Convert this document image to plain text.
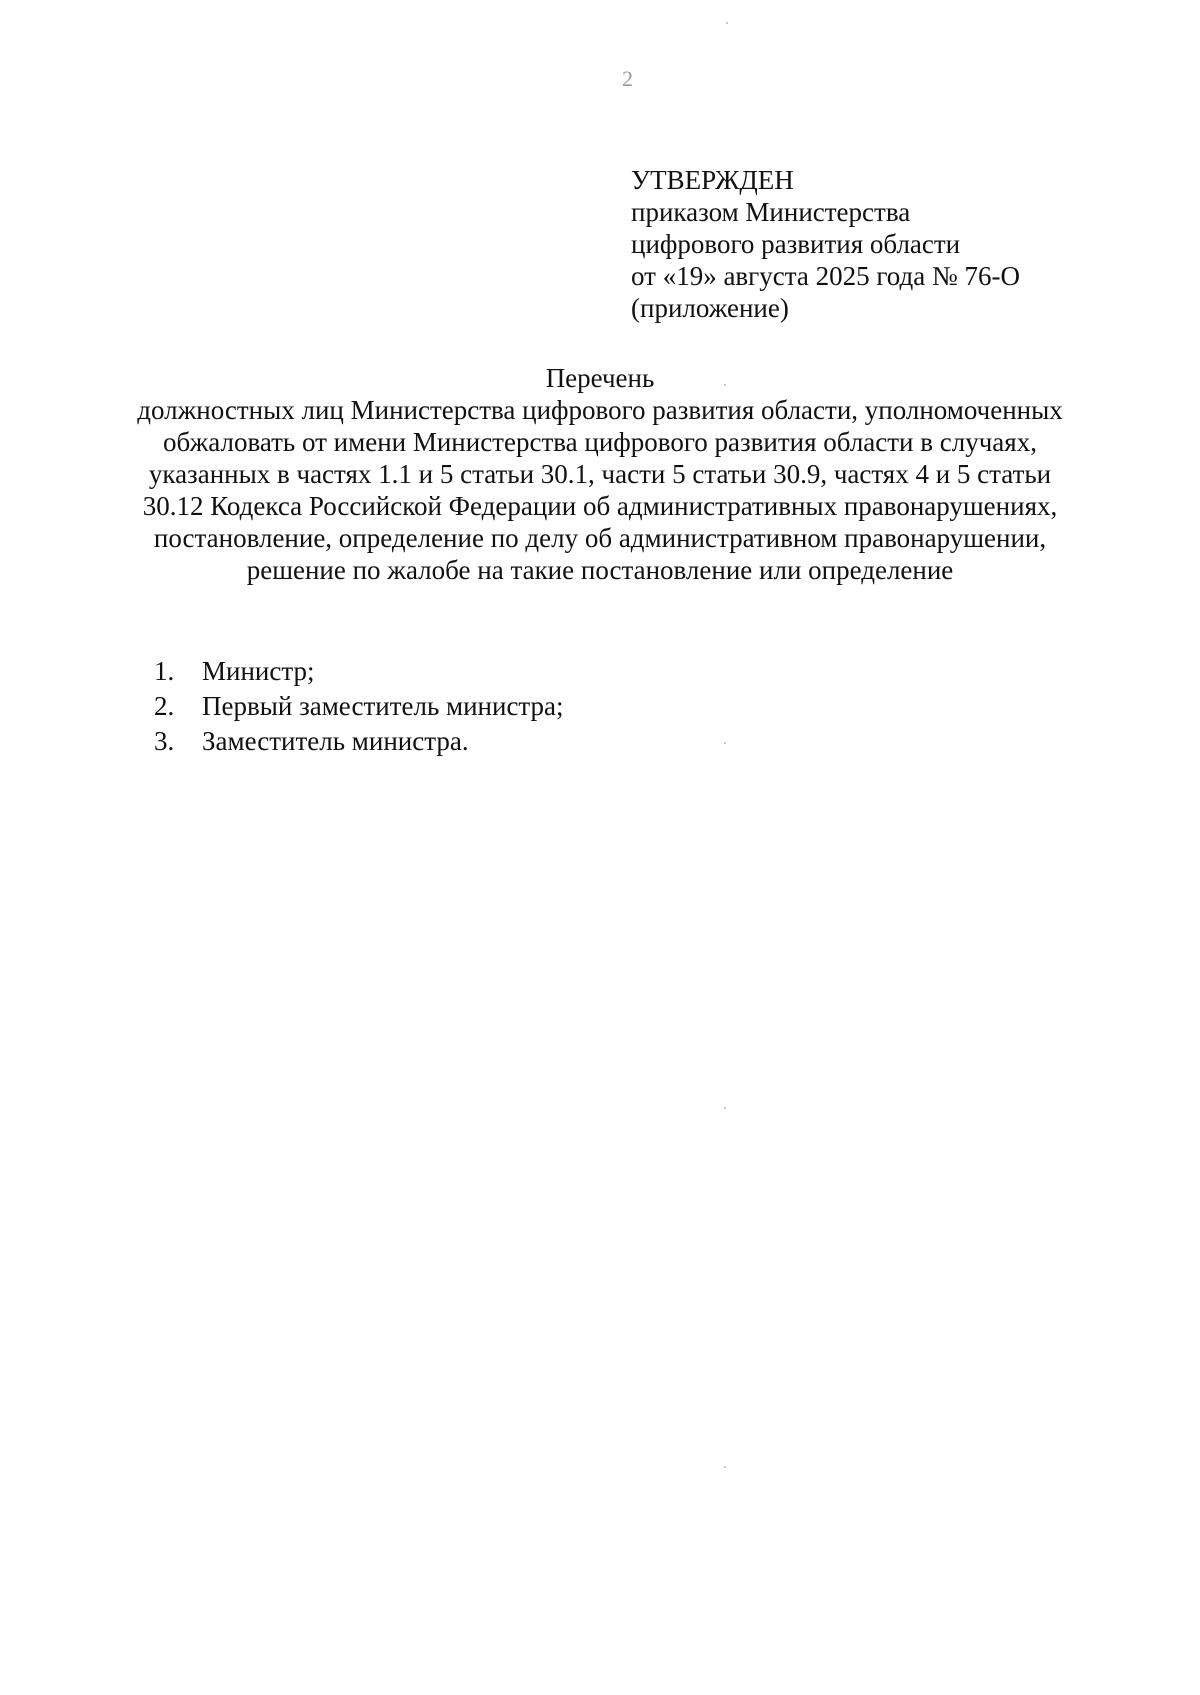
2
УТВЕРЖДЕН
приказом Министерства
цифрового развития области
от «19» августа 2025 года № 76-О
(приложение)
Перечень
должностных лиц Министерства цифрового развития области, уполномоченных
обжаловать от имени Министерства цифрового развития области в случаях,
указанных в частях 1.1 и 5 статьи 30.1, части 5 статьи 30.9, частях 4 и 5 статьи
30.12 Кодекса Российской Федерации об административных правонарушениях,
постановление, определение по делу об административном правонарушении,
решение по жалобе на такие постановление или определение
1.	Министр;
2.	Первый заместитель министра;
3.	Заместитель министра.
